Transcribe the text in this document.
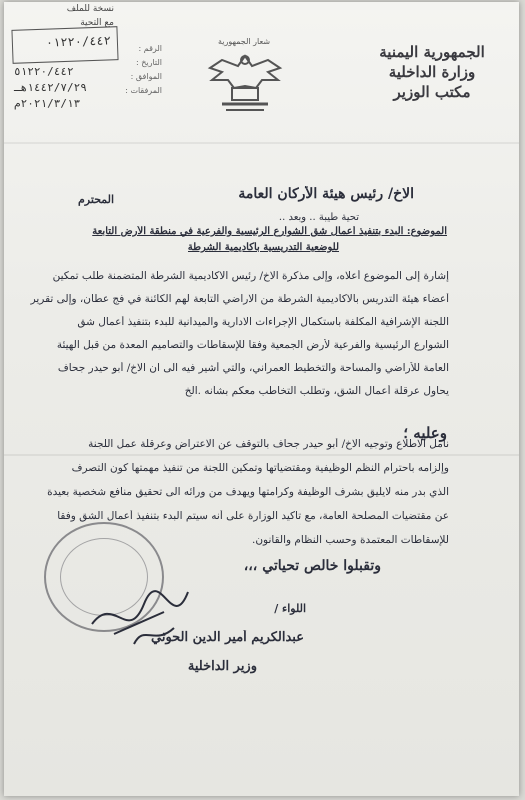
الجمهورية اليمنية
وزارة الداخلية
مكتب الوزير
شعار الجمهورية
٠١٢٢٠/٤٤٢	الرقم :
التاريخ :
الموافق :
المرفقات :
٥١٢٢٠/٤٤٢
١٤٤٢/٧/٢٩هـ
٢٠٢١/٣/١٣م
الاخ/ رئيس هيئة الأركان العامة
المحترم
تحية طيبة .. وبعد ..
الموضوع: البدء بتنفيذ أعمال شق الشوارع الرئيسية والفرعية في منطقة الأرض التابعة
للوضعية التدريسية بأكاديمية الشرطة
إشارة إلى الموضوع أعلاه، وإلى مذكرة الاخ/ رئيس الاكاديمية الشرطة المتضمنة طلب تمكين
أعضاء هيئة التدريس بالاكاديمية الشرطة من الاراضي التابعة لهم الكائنة في فج عطان، وإلى تقرير
اللجنة الإشرافية المكلفة باستكمال الإجراءات الادارية والميدانية للبدء بتنفيذ أعمال شق
الشوارع الرئيسية والفرعية لأرض الجمعية وفقا للإسقاطات والتصاميم المعدة من قبل الهيئة
العامة للأراضي والمساحة والتخطيط العمراني، والتي أشير فيه الى ان الاخ/ أبو حيدر جحاف
يحاول عرقلة أعمال الشق، وتطلب التخاطب معكم بشأنه .الخ
وعليه ؛
نأمل الاطلاع وتوجيه الاخ/ أبو حيدر جحاف بالتوقف عن الاعتراض وعرقلة عمل اللجنة
وإلزامه باحترام النظم الوظيفية ومقتضياتها وتمكين اللجنة من تنفيذ مهمتها كون التصرف
الذي بدر منه لايليق بشرف الوظيفة وكرامتها ويهدف من ورائه الى تحقيق منافع شخصية بعيدة
عن مقتضيات المصلحة العامة، مع تأكيد الوزارة على أنه سيتم البدء بتنفيذ أعمال الشق وفقا
للإسقاطات المعتمدة وحسب النظام والقانون.
وتقبلوا خالص تحياتي ،،،
اللواء /
عبدالكريم أمير الدين الحوثي
وزير الداخلية
نسخة للملف
مع التحية
